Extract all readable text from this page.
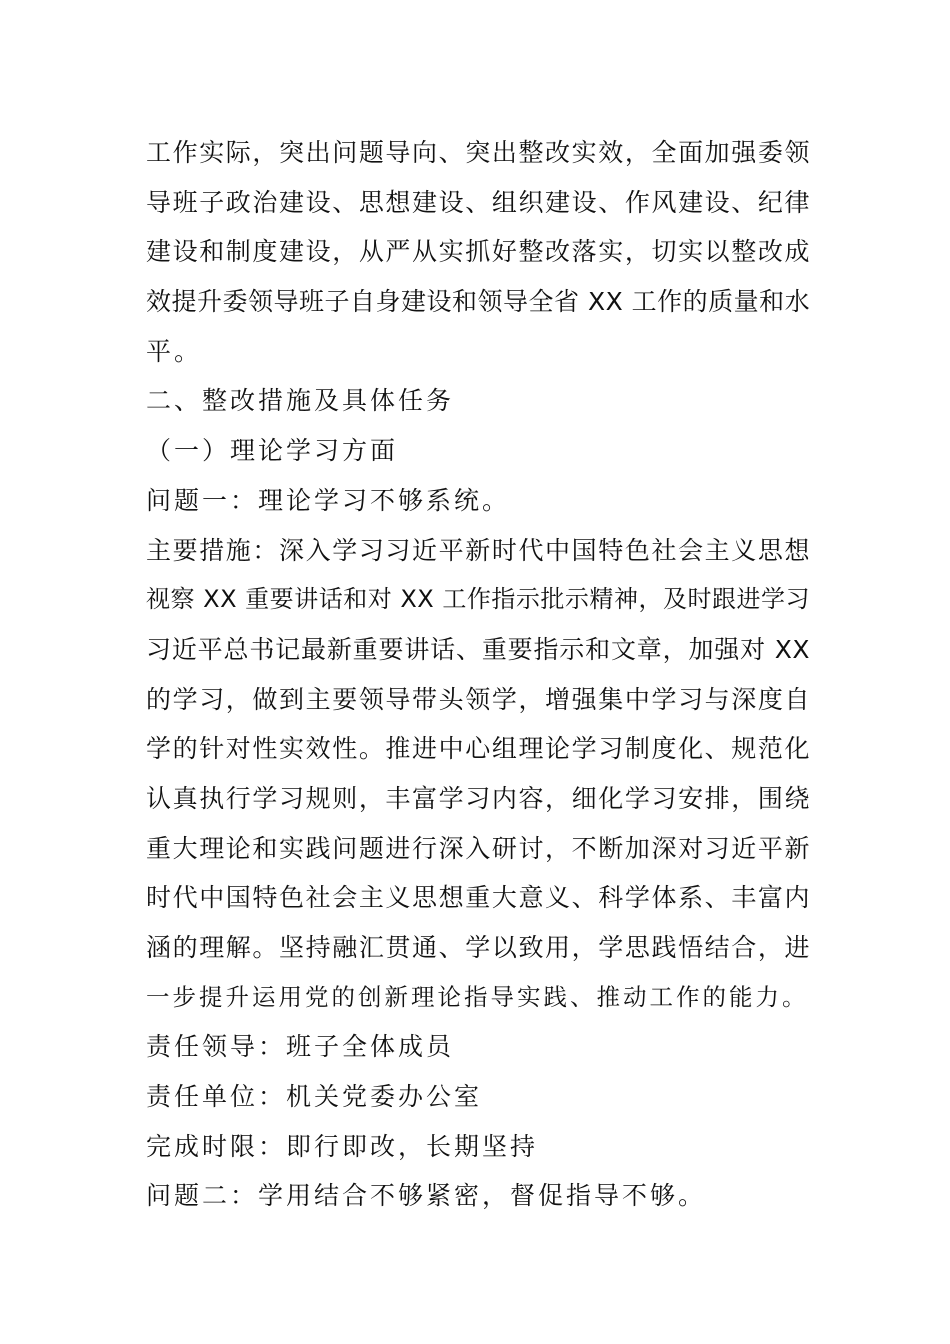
工作实际，突出问题导向、突出整改实效，全面加强委领

导班子政治建设、思想建设、组织建设、作风建设、纪律

建设和制度建设，从严从实抓好整改落实，切实以整改成

效提升委领导班子自身建设和领导全省 XX 工作的质量和水

平。

二、整改措施及具体任务

（一）理论学习方面

问题一：理论学习不够系统。

主要措施：深入学习习近平新时代中国特色社会主义思想

视察 XX 重要讲话和对 XX 工作指示批示精神，及时跟进学习

习近平总书记最新重要讲话、重要指示和文章，加强对 XX

的学习，做到主要领导带头领学，增强集中学习与深度自

学的针对性实效性。推进中心组理论学习制度化、规范化

认真执行学习规则，丰富学习内容，细化学习安排，围绕

重大理论和实践问题进行深入研讨，不断加深对习近平新

时代中国特色社会主义思想重大意义、科学体系、丰富内

涵的理解。坚持融汇贯通、学以致用，学思践悟结合，进

一步提升运用党的创新理论指导实践、推动工作的能力。

责任领导：班子全体成员

责任单位：机关党委办公室

完成时限：即行即改，长期坚持

问题二：学用结合不够紧密，督促指导不够。
